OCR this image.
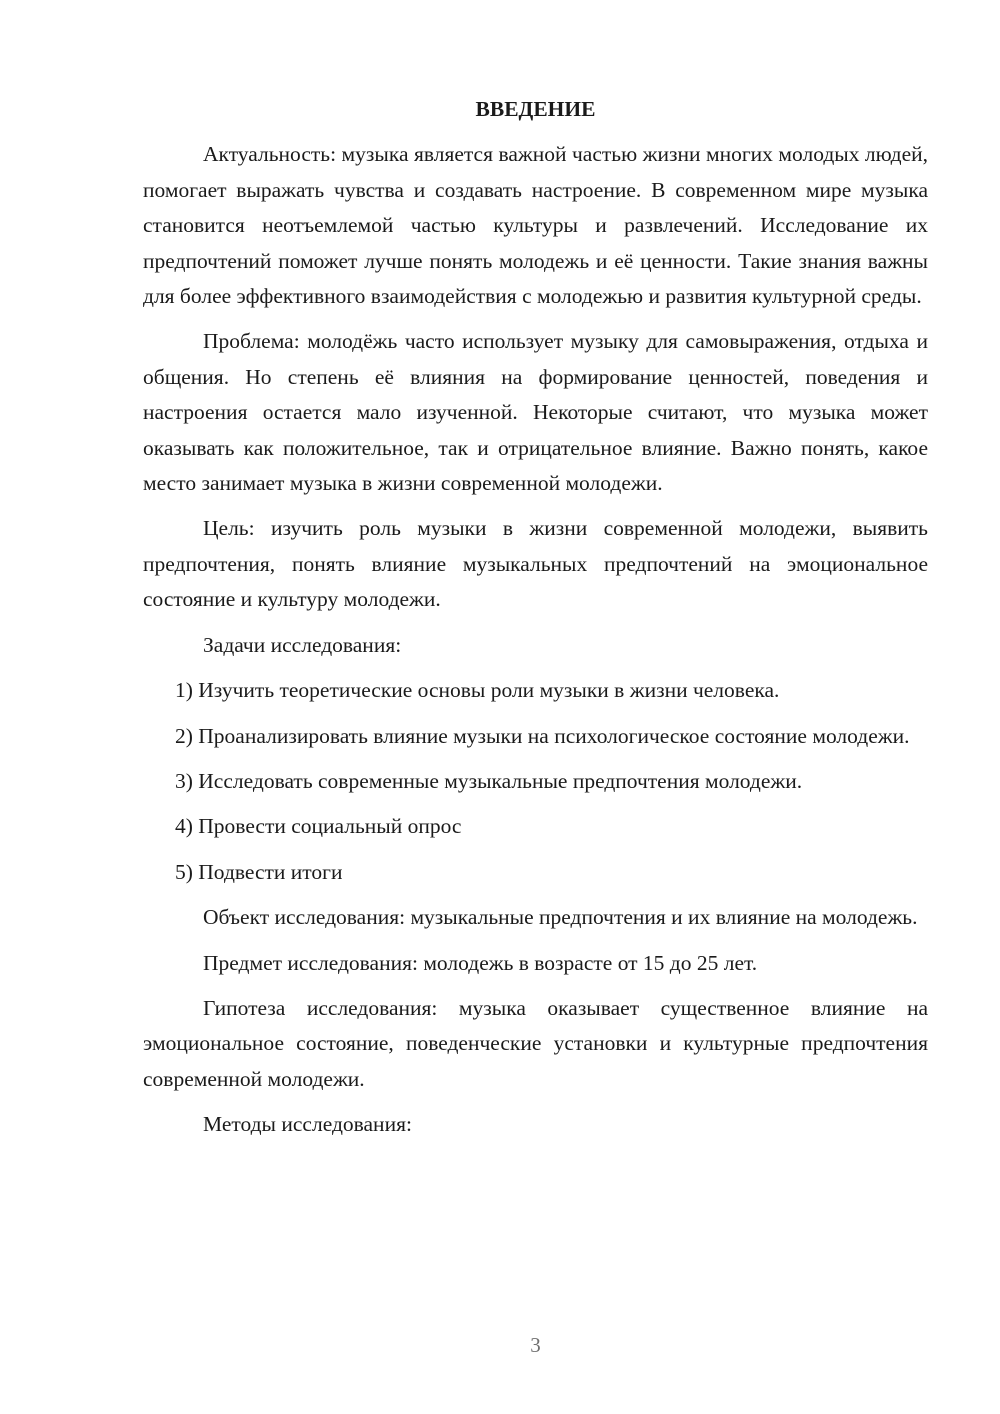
ВВЕДЕНИЕ

Актуальность: музыка является важной частью жизни многих молодых людей, помогает выражать чувства и создавать настроение. В современном мире музыка становится неотъемлемой частью культуры и развлечений. Исследование их предпочтений поможет лучше понять молодежь и её ценности. Такие знания важны для более эффективного взаимодействия с молодежью и развития культурной среды.

Проблема: молодёжь часто использует музыку для самовыражения, отдыха и общения. Но степень её влияния на формирование ценностей, поведения и настроения остается мало изученной. Некоторые считают, что музыка может оказывать как положительное, так и отрицательное влияние. Важно понять, какое место занимает музыка в жизни современной молодежи.

Цель: изучить роль музыки в жизни современной молодежи, выявить предпочтения, понять влияние музыкальных предпочтений на эмоциональное состояние и культуру молодежи.

Задачи исследования:

1) Изучить теоретические основы роли музыки в жизни человека.

2) Проанализировать влияние музыки на психологическое состояние молодежи.

3) Исследовать современные музыкальные предпочтения молодежи.

4) Провести социальный опрос

5) Подвести итоги

Объект исследования: музыкальные предпочтения и их влияние на молодежь.

Предмет исследования: молодежь в возрасте от 15 до 25 лет.

Гипотеза исследования: музыка оказывает существенное влияние на эмоциональное состояние, поведенческие установки и культурные предпочтения современной молодежи.

Методы исследования:

3
